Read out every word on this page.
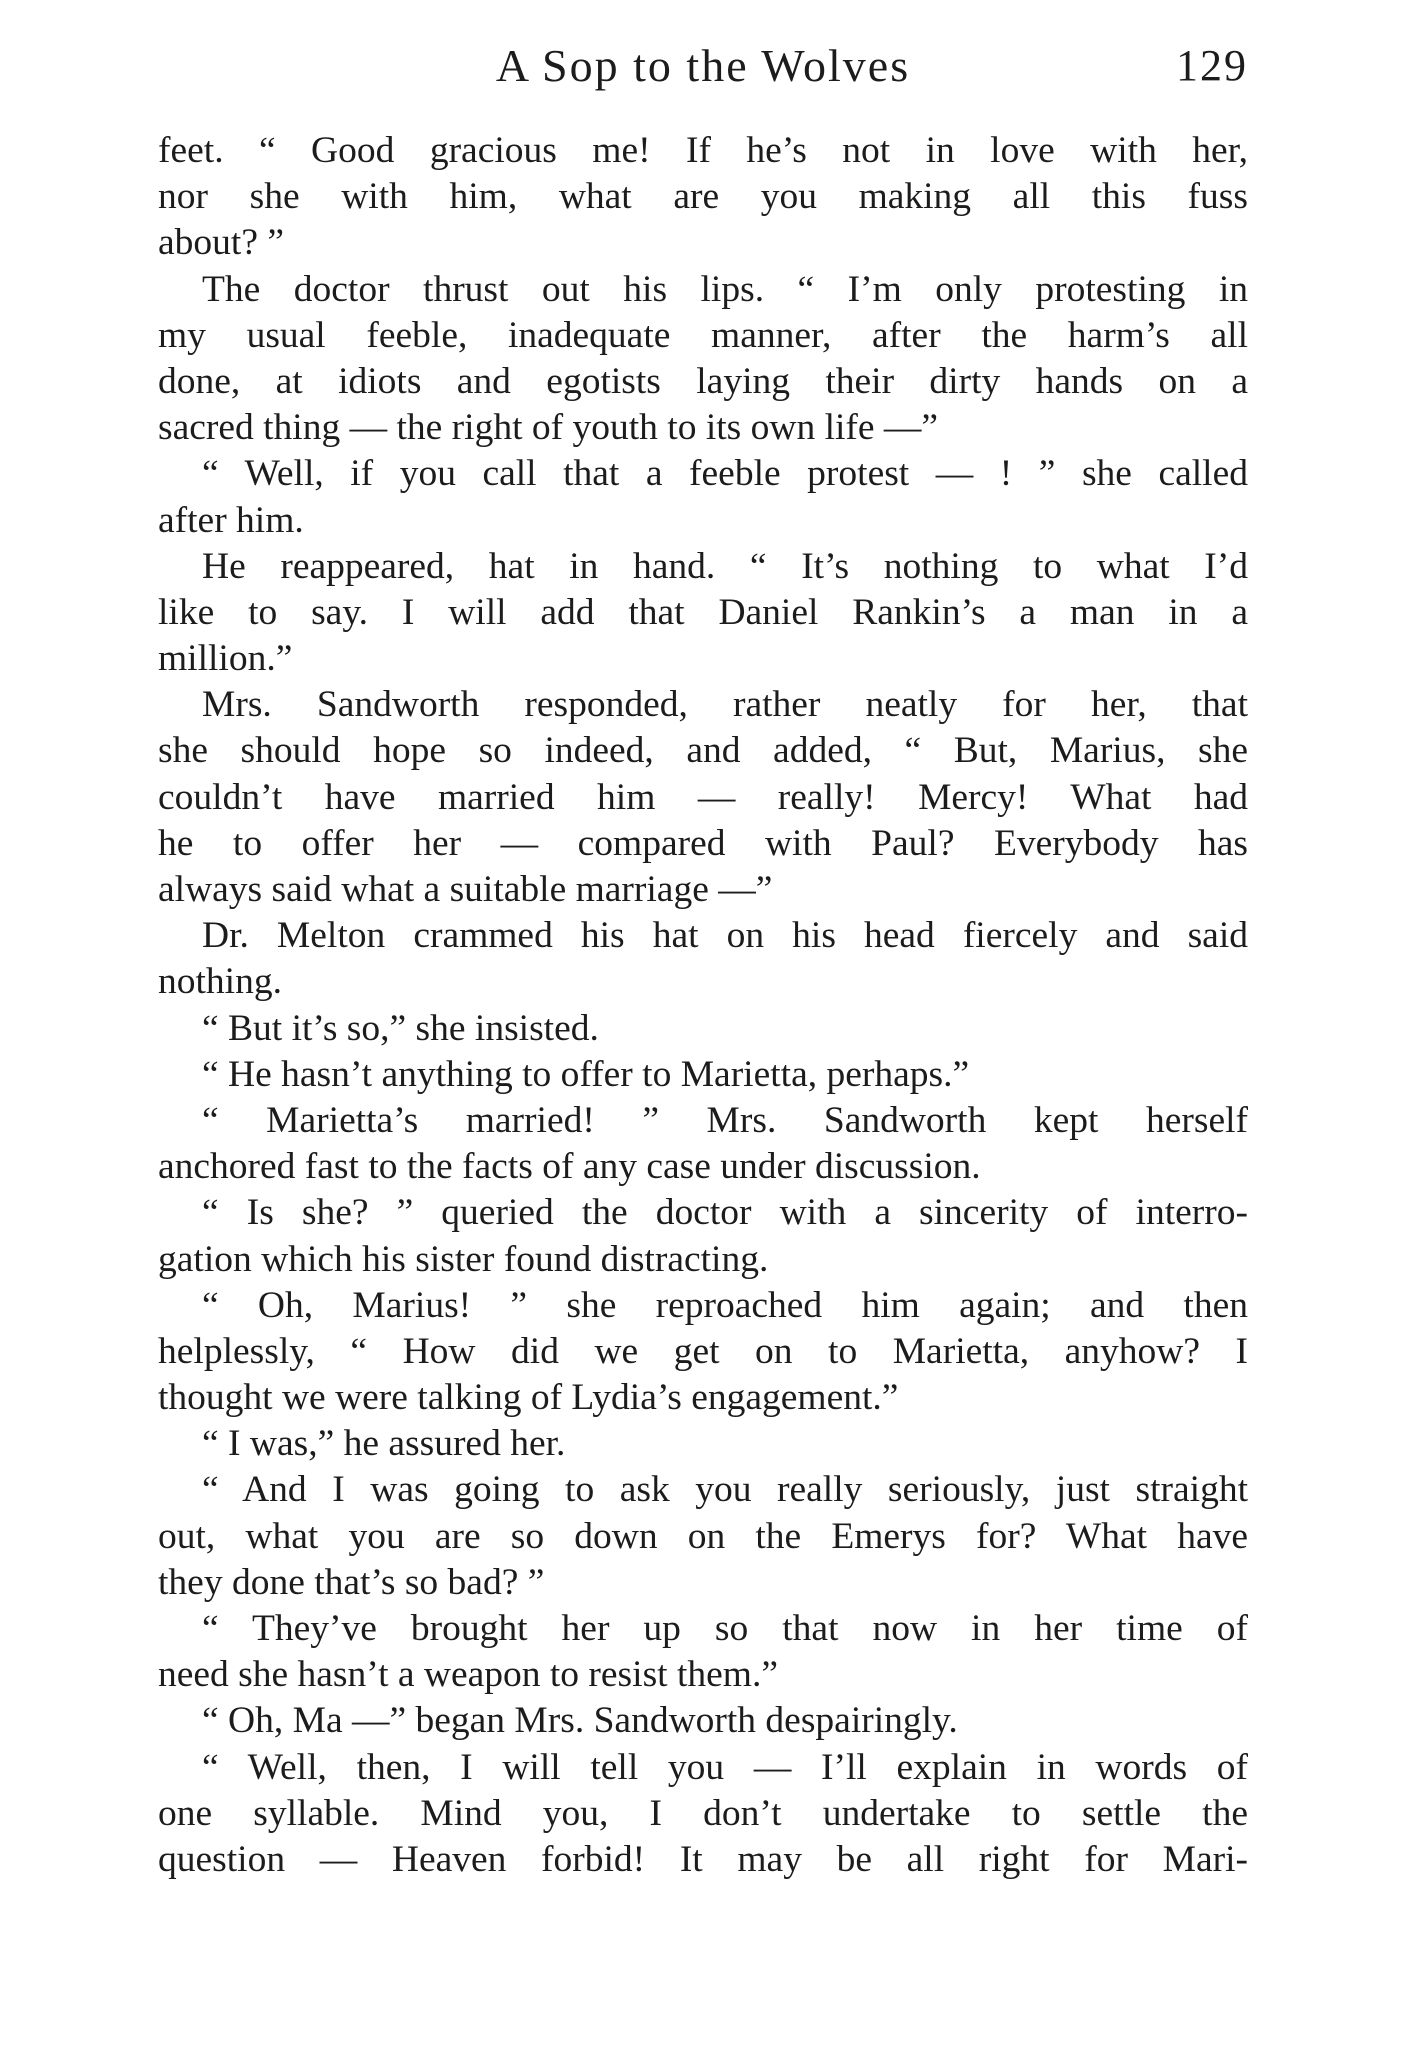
A Sop to the Wolves	129
feet. “ Good gracious me! If he’s not in love with her,
nor she with him, what are you making all this fuss
about? ”
The doctor thrust out his lips. “ I’m only protesting in
my usual feeble, inadequate manner, after the harm’s all
done, at idiots and egotists laying their dirty hands on a
sacred thing — the right of youth to its own life —”
“ Well, if you call that a feeble protest — ! ” she called
after him.
He reappeared, hat in hand. “ It’s nothing to what I’d
like to say. I will add that Daniel Rankin’s a man in a
million.”
Mrs. Sandworth responded, rather neatly for her, that
she should hope so indeed, and added, “ But, Marius, she
couldn’t have married him — really! Mercy! What had
he to offer her — compared with Paul? Everybody has
always said what a suitable marriage —”
Dr. Melton crammed his hat on his head fiercely and said
nothing.
“ But it’s so,” she insisted.
“ He hasn’t anything to offer to Marietta, perhaps.”
“ Marietta’s married! ” Mrs. Sandworth kept herself
anchored fast to the facts of any case under discussion.
“ Is she? ” queried the doctor with a sincerity of interro-
gation which his sister found distracting.
“ Oh, Marius! ” she reproached him again; and then
helplessly, “ How did we get on to Marietta, anyhow? I
thought we were talking of Lydia’s engagement.”
“ I was,” he assured her.
“ And I was going to ask you really seriously, just straight
out, what you are so down on the Emerys for? What have
they done that’s so bad? ”
“ They’ve brought her up so that now in her time of
need she hasn’t a weapon to resist them.”
“ Oh, Ma —” began Mrs. Sandworth despairingly.
“ Well, then, I will tell you — I’ll explain in words of
one syllable. Mind you, I don’t undertake to settle the
question — Heaven forbid! It may be all right for Mari-
